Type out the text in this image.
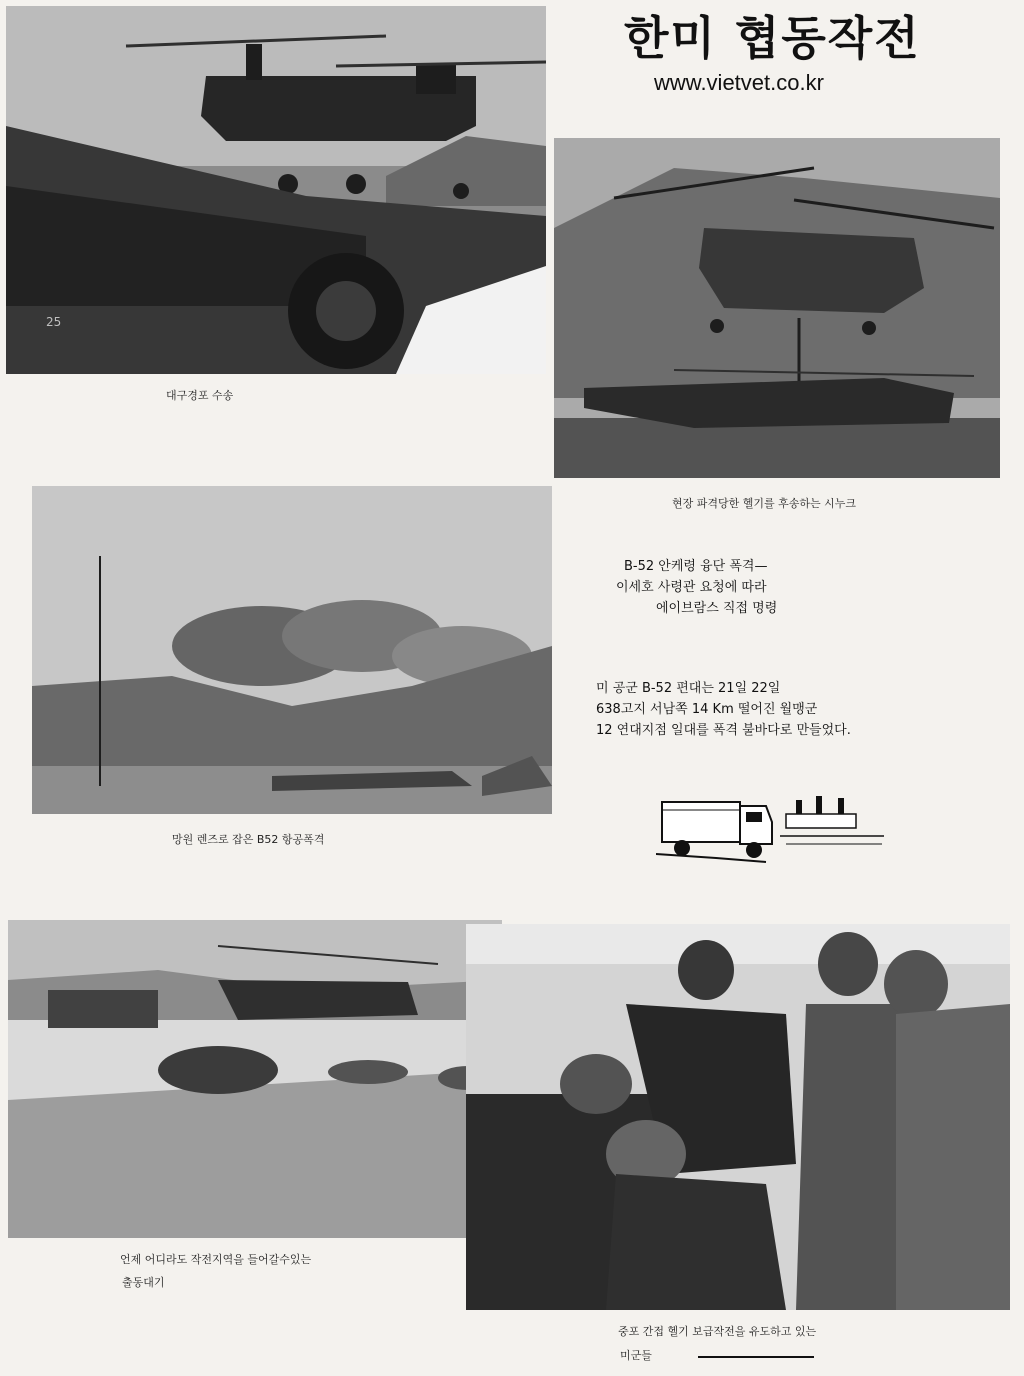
한미 협동작전
www.vietvet.co.kr
25
대구경포 수송
현장 파격당한 헬기를 후송하는 시누크
망원 렌즈로 잡은 B52 항공폭격
B-52 안케령 융단 폭격—
이세호 사령관 요청에 따라
에이브람스 직접 명령
미 공군 B-52 편대는 21일 22일
638고지 서남쪽 14 Km 떨어진 월맹군
12 연대지점 일대를 폭격 불바다로 만들었다.
언제 어디라도 작전지역을 들어갈수있는
출동대기
중포 간접 헬기 보급작전을 유도하고 있는
미군들
